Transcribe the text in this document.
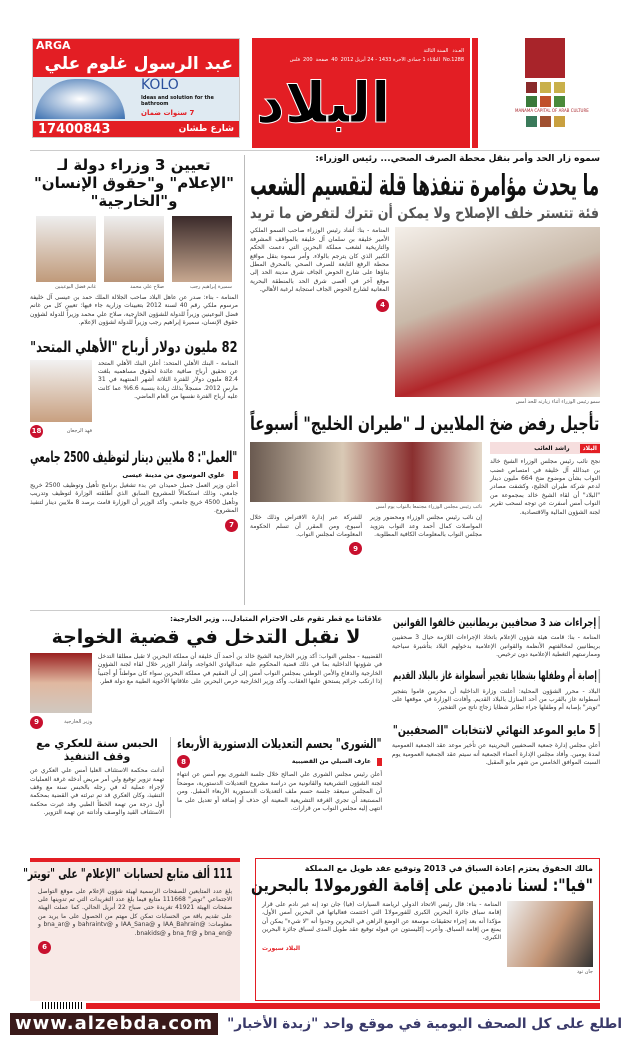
ARGA
عبد الرسول غلوم علي
KOLO
Ideas and solution for the bathroom
7 سنوات ضمان
شارع طشان
17400843
العـدد
السنة الثالثة
No.1288
الثلاثاء 1 جمادى الآخرة 1433 - 24 أبريل 2012
40
صفحة
200
فلس
البلاد	MANAMA CAPITAL OF ARAB CULTURE
سموه زار الحد وأمر بنقل محطة الصرف الصحي... رئيس الوزراء:
ما يحدث مؤامرة تنفذها قلة لتقسيم الشعب
فئة تتستر خلف الإصلاح ولا يمكن أن تترك لتفرض ما تريد
سمو رئيس الوزراء أثناء زيارته للحد أمس
المنامة - بنا: أشاد رئيس الوزراء صاحب السمو الملكي الأمير خليفة بن سلمان آل خليفة بالمواقف المشرفة والتاريخية لشعب مملكة البحرين التي دعمت الحكم الكبير الذي كان يترجم بالولاء. وأمر سموه بنقل مواقع محطة الرفع التابعة للصرف الصحي بالمحرق المطل بناؤها على شارع الحوض الجاف شرق مدينة الحد إلى موقع آخر في أقصى شرق الحد بالمنطقة البحرية المعانية لشارع الحوض الجاف استجابة لرغبة الأهالي.
4
تأجيل رفض ضخ الملايين لـ "طيران الخليج" أسبوعاً
البلاد
راشد الغائب
نجح نائب رئيس مجلس الوزراء الشيخ خالد بن عبدالله آل خليفة في امتصاص غضب النواب بشأن موضوع ضخ 664 مليون دينار لدعم شركة طيران الخليج، وكشفت مصادر "البلاد" أن لقاء الشيخ خالد بمجموعة من النواب أمس أسفرت عن توجه لسحب تقرير لجنة الشؤون المالية والاقتصادية.
نائب رئيس مجلس الوزراء مجتمعا بالنواب يوم أمس
إن نائب رئيس مجلس الوزراء ومحضور وزير المواصلات كمال أحمد وعد النواب بتزويد مجلس النواب بالمعلومات الكافية المطلوبة.
للشركة عبر إدارة الاقتراض وذلك خلال أسبوع، ومن المقرر أن تسلم الحكومة المعلومات لمجلس النواب.
9
تعيين 3 وزراء دولة لـ "الإعلام" و"حقوق الإنسان" و"الخارجية"
سميرة إبراهيم رجب
صلاح علي محمد
غانم فضل البوعينين
المنامة - بناء: صدر عن عاهل البلاد صاحب الجلالة الملك حمد بن عيسى آل خليفة مرسوم ملكي رقم 40 لسنة 2012 بتعيينات وزارية جاء فيها: تعيين كل من غانم فضل البوعينين وزيراً للدولة للشؤون الخارجية، صلاح علي محمد وزيراً للدولة لشؤون حقوق الإنسان، سميرة إبراهيم رجب وزيراً للدولة لشؤون الإعلام.
82 مليون دولار أرباح "الأهلي المتحد"
المنامة - البنك الأهلي المتحد: أعلن البنك الأهلي المتحد عن تحقيق أرباح صافية عائدة لحقوق مساهميه بلغت 82.4 مليون دولار للفترة الثلاثة أشهر المنتهية في 31 مارس 2012. مسجلاً بذلك زيادة بنسبة 6.6% عما كانت عليه أرباح الفترة نفسها من العام الماضي.
فهد الرجعان
18
"العمل": 8 ملايين دينار لتوظيف 2500 جامعي
علوي الموسوي من مدينة عيسى
أعلن وزير العمل جميل حميدان عن بدء تشغيل برنامج تأهيل وتوظيف 2500 خريج جامعي، وذلك استكمالاً للمشروع السابق الذي أطلقته الوزارة لتوظيف وتدريب وتأهيل 4500 خريج جامعي. وأكد الوزير أن الوزارة قامت برصد 8 ملايين دينار لتنفيذ المشروع.
7
إجراءات ضد 3 صحافيين بريطانيين خالفوا القوانين
المنامة - بنا: قامت هيئة شؤون الإعلام باتخاذ الإجراءات اللازمة حيال 3 صحفيين بريطانيين لمخالفتهم الأنظمة والقوانين الإعلامية بدخولهم البلاد بتأشيرة سياحية وممارستهم التغطية الإعلامية دون ترخيص.
إصابة أم وطفلها بشظايا تفجير أسطوانة غاز بالبلاد القديم
البلاد - محرر الشؤون المحلية: أعلنت وزارة الداخلية أن مخربين قاموا بتفجير أسطوانة غاز بالقرب من أحد المنازل بالبلاد القديم. وأفادت الوزارة في موقعها على "تويتر" بإصابة أم وطفلها جراء تطاير شظايا زجاج ناتج من التفجير.
5 مايو الموعد النهائي لانتخابات "الصحفيين"
أعلن مجلس إدارة جمعية الصحفيين البحرينية عن تأخير موعد عقد الجمعية العمومية لمدة يومين. وأفاد مجلس الإدارة أعضاء الجمعية أنه سيتم عقد الجمعية العمومية يوم السبت الموافق الخامس من شهر مايو المقبل.
علاقاتنا مع قطر تقوم على الاحترام المتبادل... وزير الخارجية:
لا نقبل التدخل في قضية الخواجة
القضيبية - مجلس النواب: أكد وزير الخارجية الشيخ خالد بن أحمد آل خليفة أن مملكة البحرين لا تقبل مطلقا التدخل في شؤونها الداخلية بما في ذلك قضية المحكوم عليه عبدالهادي الخواجة، وأشار الوزير خلال لقاء لجنة الشؤون الخارجية والدفاع والأمن الوطني بمجلس النواب أمس إلى أن المقيم في مملكة البحرين سواء كان مواطناً أو أجنبياً إذا ارتكب جرائم يستحق عليها العقاب. وأكد وزير الخارجية حرص البحرين على علاقاتها الأخوية الطيبة مع دولة قطر.
وزير الخارجية
9
"الشورى" يحسم التعديلات الدستورية الأربعاء
عارف السيلي من القضيبية
8
أعلن رئيس مجلس الشورى علي الصالح خلال جلسة الشورى يوم أمس عن انتهاء لجنة الشؤون التشريعية والقانونية من دراسة مشروع التعديلات الدستورية، موضحاً أن المجلس سيعقد جلسة حسم ملف التعديلات الدستورية الأربعاء المقبل. ومن المستبعد أن تجري الغرفة التشريعية المعينة أي حذف أو إضافة أو تعديل على ما انتهى إليه مجلس النواب من قرارات.
الحبس سنة للعكري مع وقف التنفيذ
أدانت محكمة الاستئناف العليا أمس علي العكري عن تهمة تزوير توقيع ولي أمر مريض أدخله غرفة العمليات لإجراء عملية له في رجله بالحبس سنة مع وقف التنفيذ، وكان العكري قد تم تبرئته في القضية بمحكمة أول درجة من تهمة الخطأ الطبي وقد غيرت محكمة الاستئناف القيد والوصف وأدانته عن تهمة التزوير.
111 ألف متابع لحسابات "الإعلام" على "تويتر"
بلغ عدد المتابعين للصفحات الرسمية لهيئة شؤون الإعلام على موقع التواصل الاجتماعي "تويتر" 111668 متابع فيما بلغ عدد التغريدات التي تم تدوينها على صفحات الهيئة 41921 تغريدة حتى صباح 22 أبريل الحالي. كما عملت الهيئة على تقديم باقة من الحسابات تمكن كل مهتم من الحصول على ما يريد من معلومات: @IAA_Bahrain و @IAA_Sana و @bahraintv و @bna_ar و @bna_en و @bna_fr و @bnakids.
6
مالك الحقوق يعتزم إعادة السباق في 2013 وتوقيع عقد طويل مع المملكة
"فيا": لسنا نادمين على إقامة الفورمولا1 بالبحرين
جان تود
المنامة - بناء: قال رئيس الاتحاد الدولي لرياضة السيارات (فيا) جان تود إنه غير نادم على قرار إقامة سباق جائزة البحرين الكبرى للفورمولا1 التي اختتمت فعالياتها في البحرين أمس الأول، مؤكدا أنه بعد إجراء تحقيقات موسعة عن الوضع الراهن في البحرين وجدوا أنه "لا شيء" يمكن أن يمنع من إقامة السباق. وأعرب إكليستون عن قبوله توقيع عقد طويل المدى لسباق جائزة البحرين الكبرى.
البلاد سبورت
www.alzebda.com اطلع على كل الصحف اليومية في موقع واحد "زبدة الأخبار"
